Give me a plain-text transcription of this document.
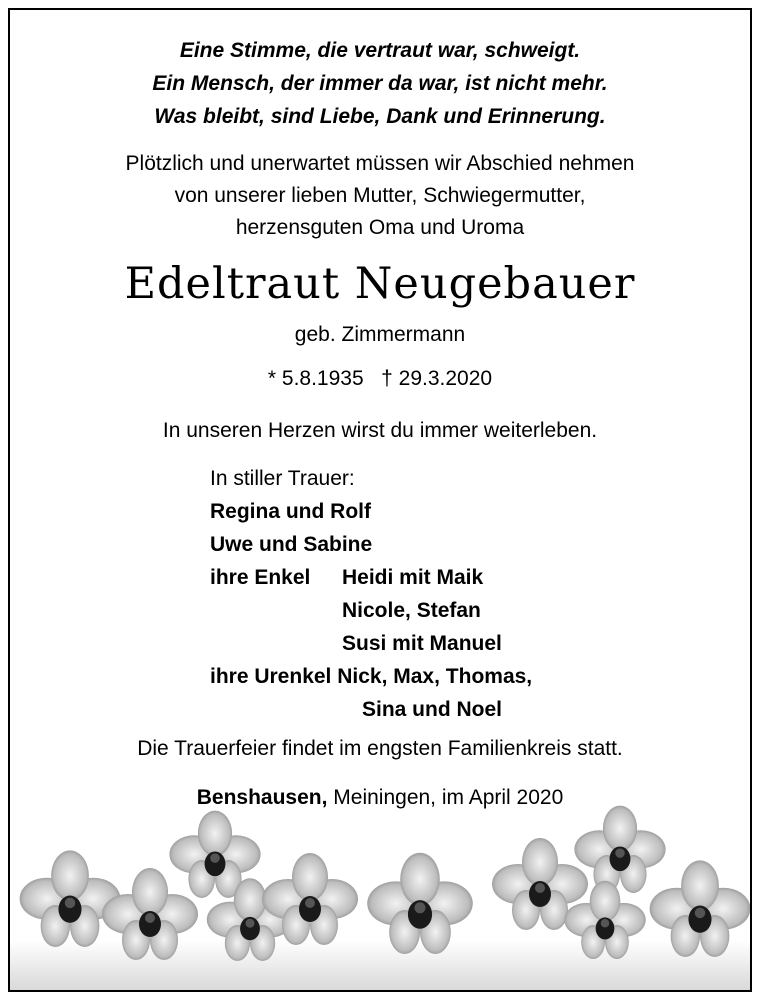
Eine Stimme, die vertraut war, schweigt.
Ein Mensch, der immer da war, ist nicht mehr.
Was bleibt, sind Liebe, Dank und Erinnerung.
Plötzlich und unerwartet müssen wir Abschied nehmen
von unserer lieben Mutter, Schwiegermutter,
herzensguten Oma und Uroma
Edeltraut Neugebauer
geb. Zimmermann
* 5.8.1935   † 29.3.2020
In unseren Herzen wirst du immer weiterleben.
In stiller Trauer:
Regina und Rolf
Uwe und Sabine
ihre Enkel Heidi mit Maik
Nicole, Stefan
Susi mit Manuel
ihre Urenkel Nick, Max, Thomas,
Sina und Noel
Die Trauerfeier findet im engsten Familienkreis statt.
Benshausen, Meiningen, im April 2020
